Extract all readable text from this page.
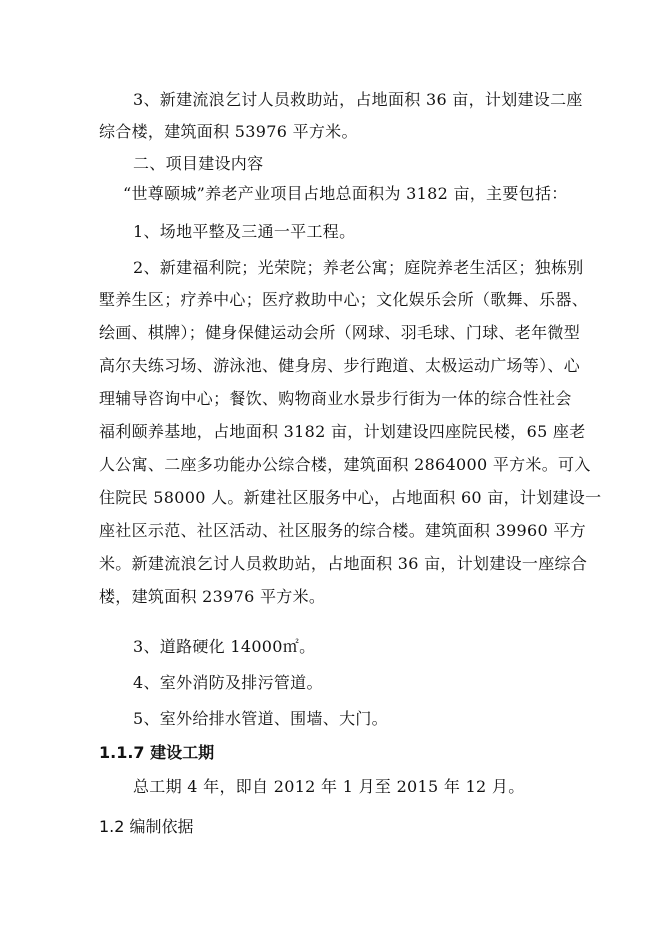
3、新建流浪乞讨人员救助站，占地面积 36 亩，计划建设二座
综合楼，建筑面积 53976 平方米。
二、项目建设内容
“世尊颐城”养老产业项目占地总面积为 3182 亩，主要包括：
1、场地平整及三通一平工程。
2、新建福利院；光荣院；养老公寓；庭院养老生活区；独栋别
墅养生区；疗养中心；医疗救助中心；文化娱乐会所（歌舞、乐器、
绘画、棋牌）；健身保健运动会所（网球、羽毛球、门球、老年微型
高尔夫练习场、游泳池、健身房、步行跑道、太极运动广场等）、心
理辅导咨询中心；餐饮、购物商业水景步行街为一体的综合性社会
福利颐养基地，占地面积 3182 亩，计划建设四座院民楼，65 座老
人公寓、二座多功能办公综合楼，建筑面积 2864000 平方米。可入
住院民 58000 人。新建社区服务中心，占地面积 60 亩，计划建设一
座社区示范、社区活动、社区服务的综合楼。建筑面积 39960 平方
米。新建流浪乞讨人员救助站，占地面积 36 亩，计划建设一座综合
楼，建筑面积 23976 平方米。
3、道路硬化 14000㎡。
4、室外消防及排污管道。
5、室外给排水管道、围墙、大门。
1.1.7 建设工期
总工期 4 年，即自 2012 年 1 月至 2015 年 12 月。
1.2 编制依据
